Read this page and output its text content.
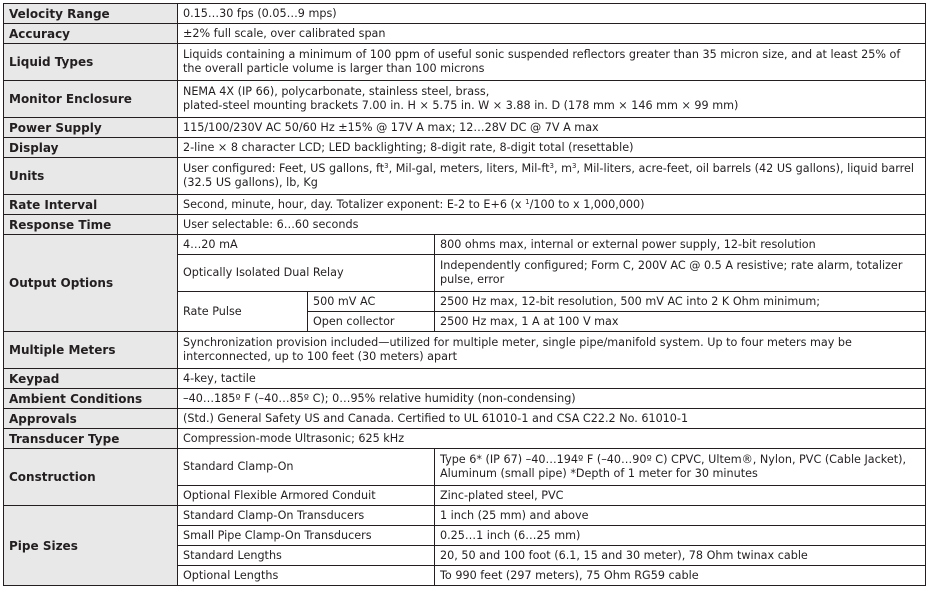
Velocity Range	0.15…30 fps (0.05…9 mps)		
Accuracy	±2% full scale, over calibrated span		
Liquid Types	Liquids containing a minimum of 100 ppm of useful sonic suspended reflectors greater than 35 micron size, and at least 25% of the overall particle volume is larger than 100 microns		
Monitor Enclosure	NEMA 4X (IP 66), polycarbonate, stainless steel, brass,
plated-steel mounting brackets 7.00 in. H × 5.75 in. W × 3.88 in. D (178 mm × 146 mm × 99 mm)		
Power Supply	115/100/230V AC 50/60 Hz ±15% @ 17V A max; 12…28V DC @ 7V A max		
Display	2-line × 8 character LCD; LED backlighting; 8-digit rate, 8-digit total (resettable)		
Units	User configured: Feet, US gallons, $ft^3$, Mil-gal, meters, liters, Mil-$ft^3$, $m^3$, Mil-liters, acre-feet, oil barrels (42 US gallons), liquid barrel (32.5 US gallons), lb, Kg		
Rate Interval	Second, minute, hour, day. Totalizer exponent: E-2 to E+6 (x $^1$/100 to x 1,000,000)		
Response Time	User selectable: 6…60 seconds		
Output Options	4…20 mA		800 ohms max, internal or external power supply, 12-bit resolution
	Optically Isolated Dual Relay		Independently configured; Form C, 200V AC @ 0.5 A resistive; rate alarm, totalizer pulse, error
	Rate Pulse	500 mV AC	2500 Hz max, 12-bit resolution, 500 mV AC into 2 K Ohm minimum;
		Open collector	2500 Hz max, 1 A at 100 V max
Multiple Meters	Synchronization provision included—utilized for multiple meter, single pipe/manifold system. Up to four meters may be interconnected, up to 100 feet (30 meters) apart		
Keypad	4-key, tactile		
Ambient Conditions	–40…185º F (–40…85º C); 0…95% relative humidity (non-condensing)		
Approvals	(Std.) General Safety US and Canada. Certified to UL 61010-1 and CSA C22.2 No. 61010-1		
Transducer Type	Compression-mode Ultrasonic; 625 kHz		
Construction	Standard Clamp-On		Type 6* (IP 67) –40…194º F (–40…90º C) CPVC, Ultem®, Nylon, PVC (Cable Jacket), Aluminum (small pipe) *Depth of 1 meter for 30 minutes
	Optional Flexible Armored Conduit		Zinc-plated steel, PVC
Pipe Sizes	Standard Clamp-On Transducers		1 inch (25 mm) and above
	Small Pipe Clamp-On Transducers		0.25…1 inch (6…25 mm)
	Standard Lengths		20, 50 and 100 foot (6.1, 15 and 30 meter), 78 Ohm twinax cable
	Optional Lengths		To 990 feet (297 meters), 75 Ohm RG59 cable
